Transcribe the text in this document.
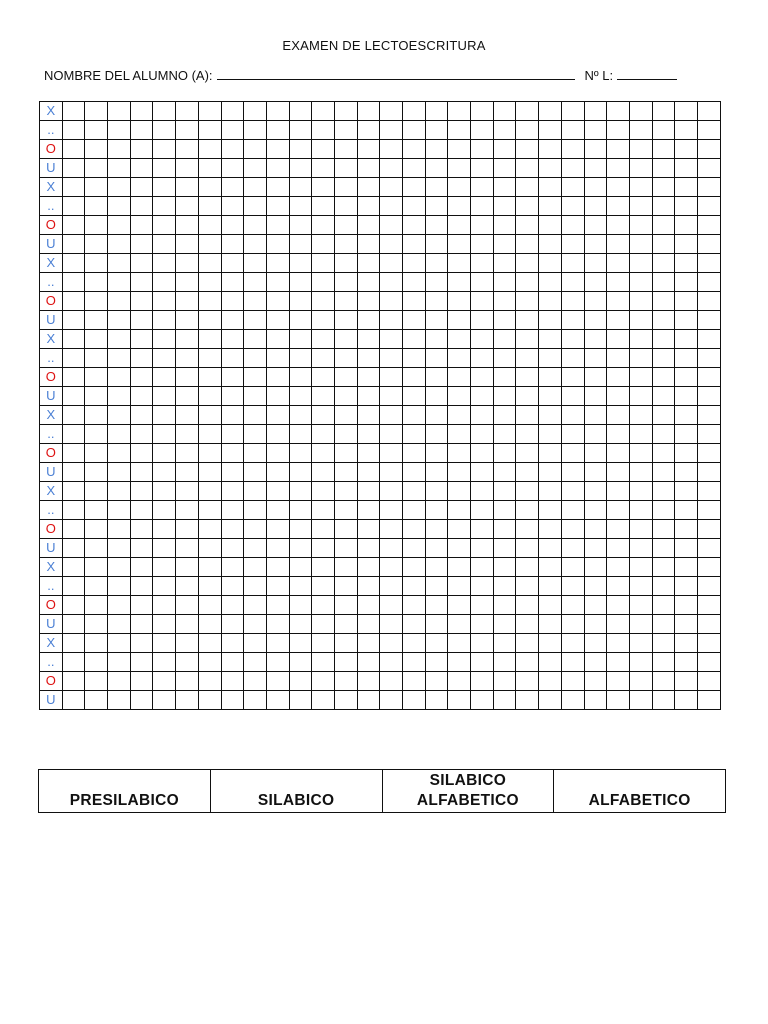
EXAMEN DE LECTOESCRITURA
NOMBRE DEL ALUMNO (A):	Nº L:
X																													
..																													
O																													
U																													
X																													
..																													
O																													
U																													
X																													
..																													
O																													
U																													
X																													
..																													
O																													
U																													
X																													
..																													
O																													
U																													
X																													
..																													
O																													
U																													
X																													
..																													
O																													
U																													
X																													
..																													
O																													
U																													
PRESILABICO	SILABICO	SILABICO ALFABETICO	ALFABETICO
